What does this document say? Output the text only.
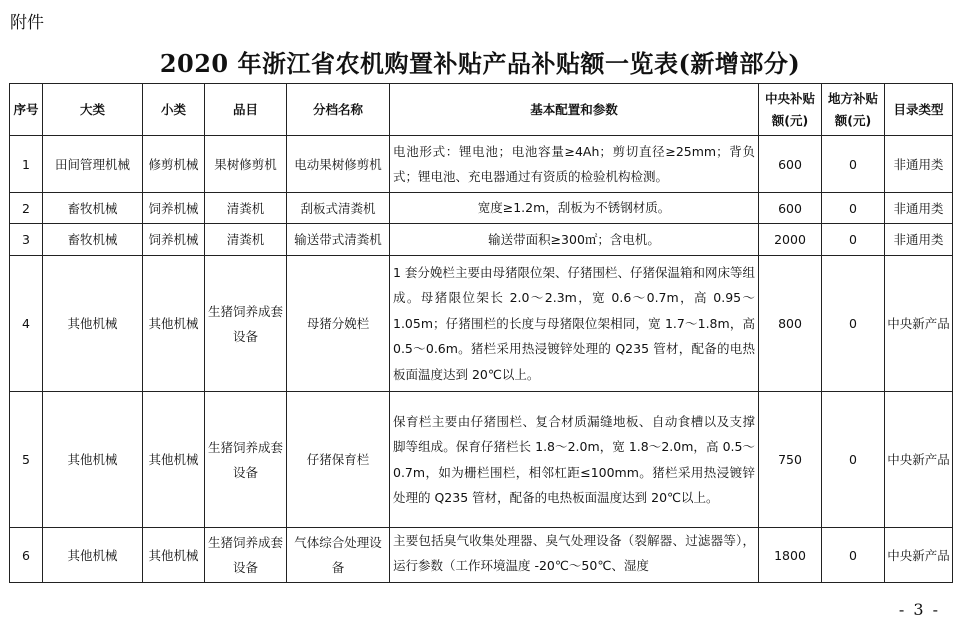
附件
2020 年浙江省农机购置补贴产品补贴额一览表(新增部分)
序号	大类	小类	品目	分档名称	基本配置和参数	中央补贴额(元)	地方补贴额(元)	目录类型
1	田间管理机械	修剪机械	果树修剪机	电动果树修剪机	电池形式：锂电池；电池容量≥4Ah；剪切直径≥25mm；背负式；锂电池、充电器通过有资质的检验机构检测。	600	0	非通用类
2	畜牧机械	饲养机械	清粪机	刮板式清粪机	宽度≥1.2m，刮板为不锈钢材质。	600	0	非通用类
3	畜牧机械	饲养机械	清粪机	输送带式清粪机	输送带面积≥300㎡；含电机。	2000	0	非通用类
4	其他机械	其他机械	生猪饲养成套设备	母猪分娩栏	1 套分娩栏主要由母猪限位架、仔猪围栏、仔猪保温箱和网床等组成。母猪限位架长 2.0～2.3m，宽 0.6～0.7m，高 0.95～1.05m；仔猪围栏的长度与母猪限位架相同，宽 1.7～1.8m，高 0.5～0.6m。猪栏采用热浸镀锌处理的 Q235 管材，配备的电热板面温度达到 20℃以上。	800	0	中央新产品
5	其他机械	其他机械	生猪饲养成套设备	仔猪保育栏	保育栏主要由仔猪围栏、复合材质漏缝地板、自动食槽以及支撑脚等组成。保育仔猪栏长 1.8～2.0m，宽 1.8～2.0m，高 0.5～0.7m，如为栅栏围栏，相邻杠距≤100mm。猪栏采用热浸镀锌处理的 Q235 管材，配备的电热板面温度达到 20℃以上。	750	0	中央新产品
6	其他机械	其他机械	生猪饲养成套设备	气体综合处理设备	主要包括臭气收集处理器、臭气处理设备（裂解器、过滤器等），运行参数（工作环境温度 -20℃～50℃、湿度	1800	0	中央新产品
- 3 -
